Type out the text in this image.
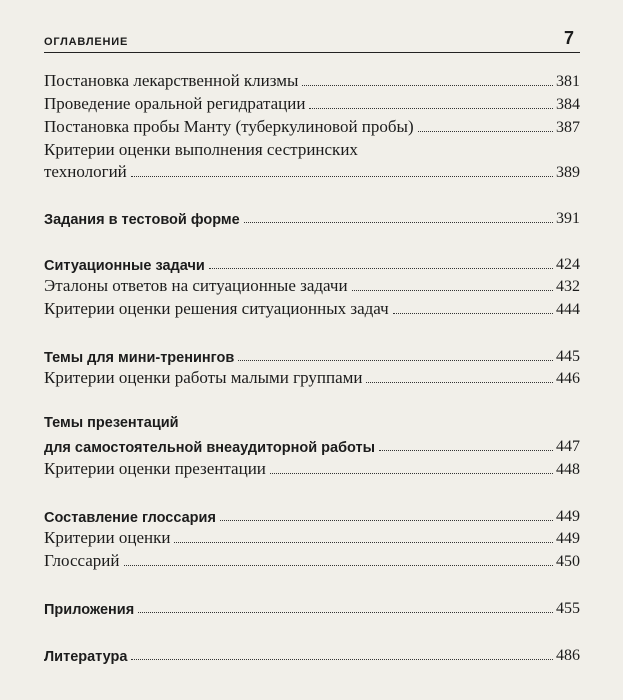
ОГЛАВЛЕНИЕ	7
Постановка лекарственной клизмы	381
Проведение оральной регидратации	384
Постановка пробы Манту (туберкулиновой пробы)	387
Критерии оценки выполнения сестринских
технологий	389
Задания в тестовой форме	391
Ситуационные задачи	424
Эталоны ответов на ситуационные задачи	432
Критерии оценки решения ситуационных задач	444
Темы для мини-тренингов	445
Критерии оценки работы малыми группами	446
Темы презентаций
для самостоятельной внеаудиторной работы	447
Критерии оценки презентации	448
Составление глоссария	449
Критерии оценки	449
Глоссарий	450
Приложения	455
Литература	486
